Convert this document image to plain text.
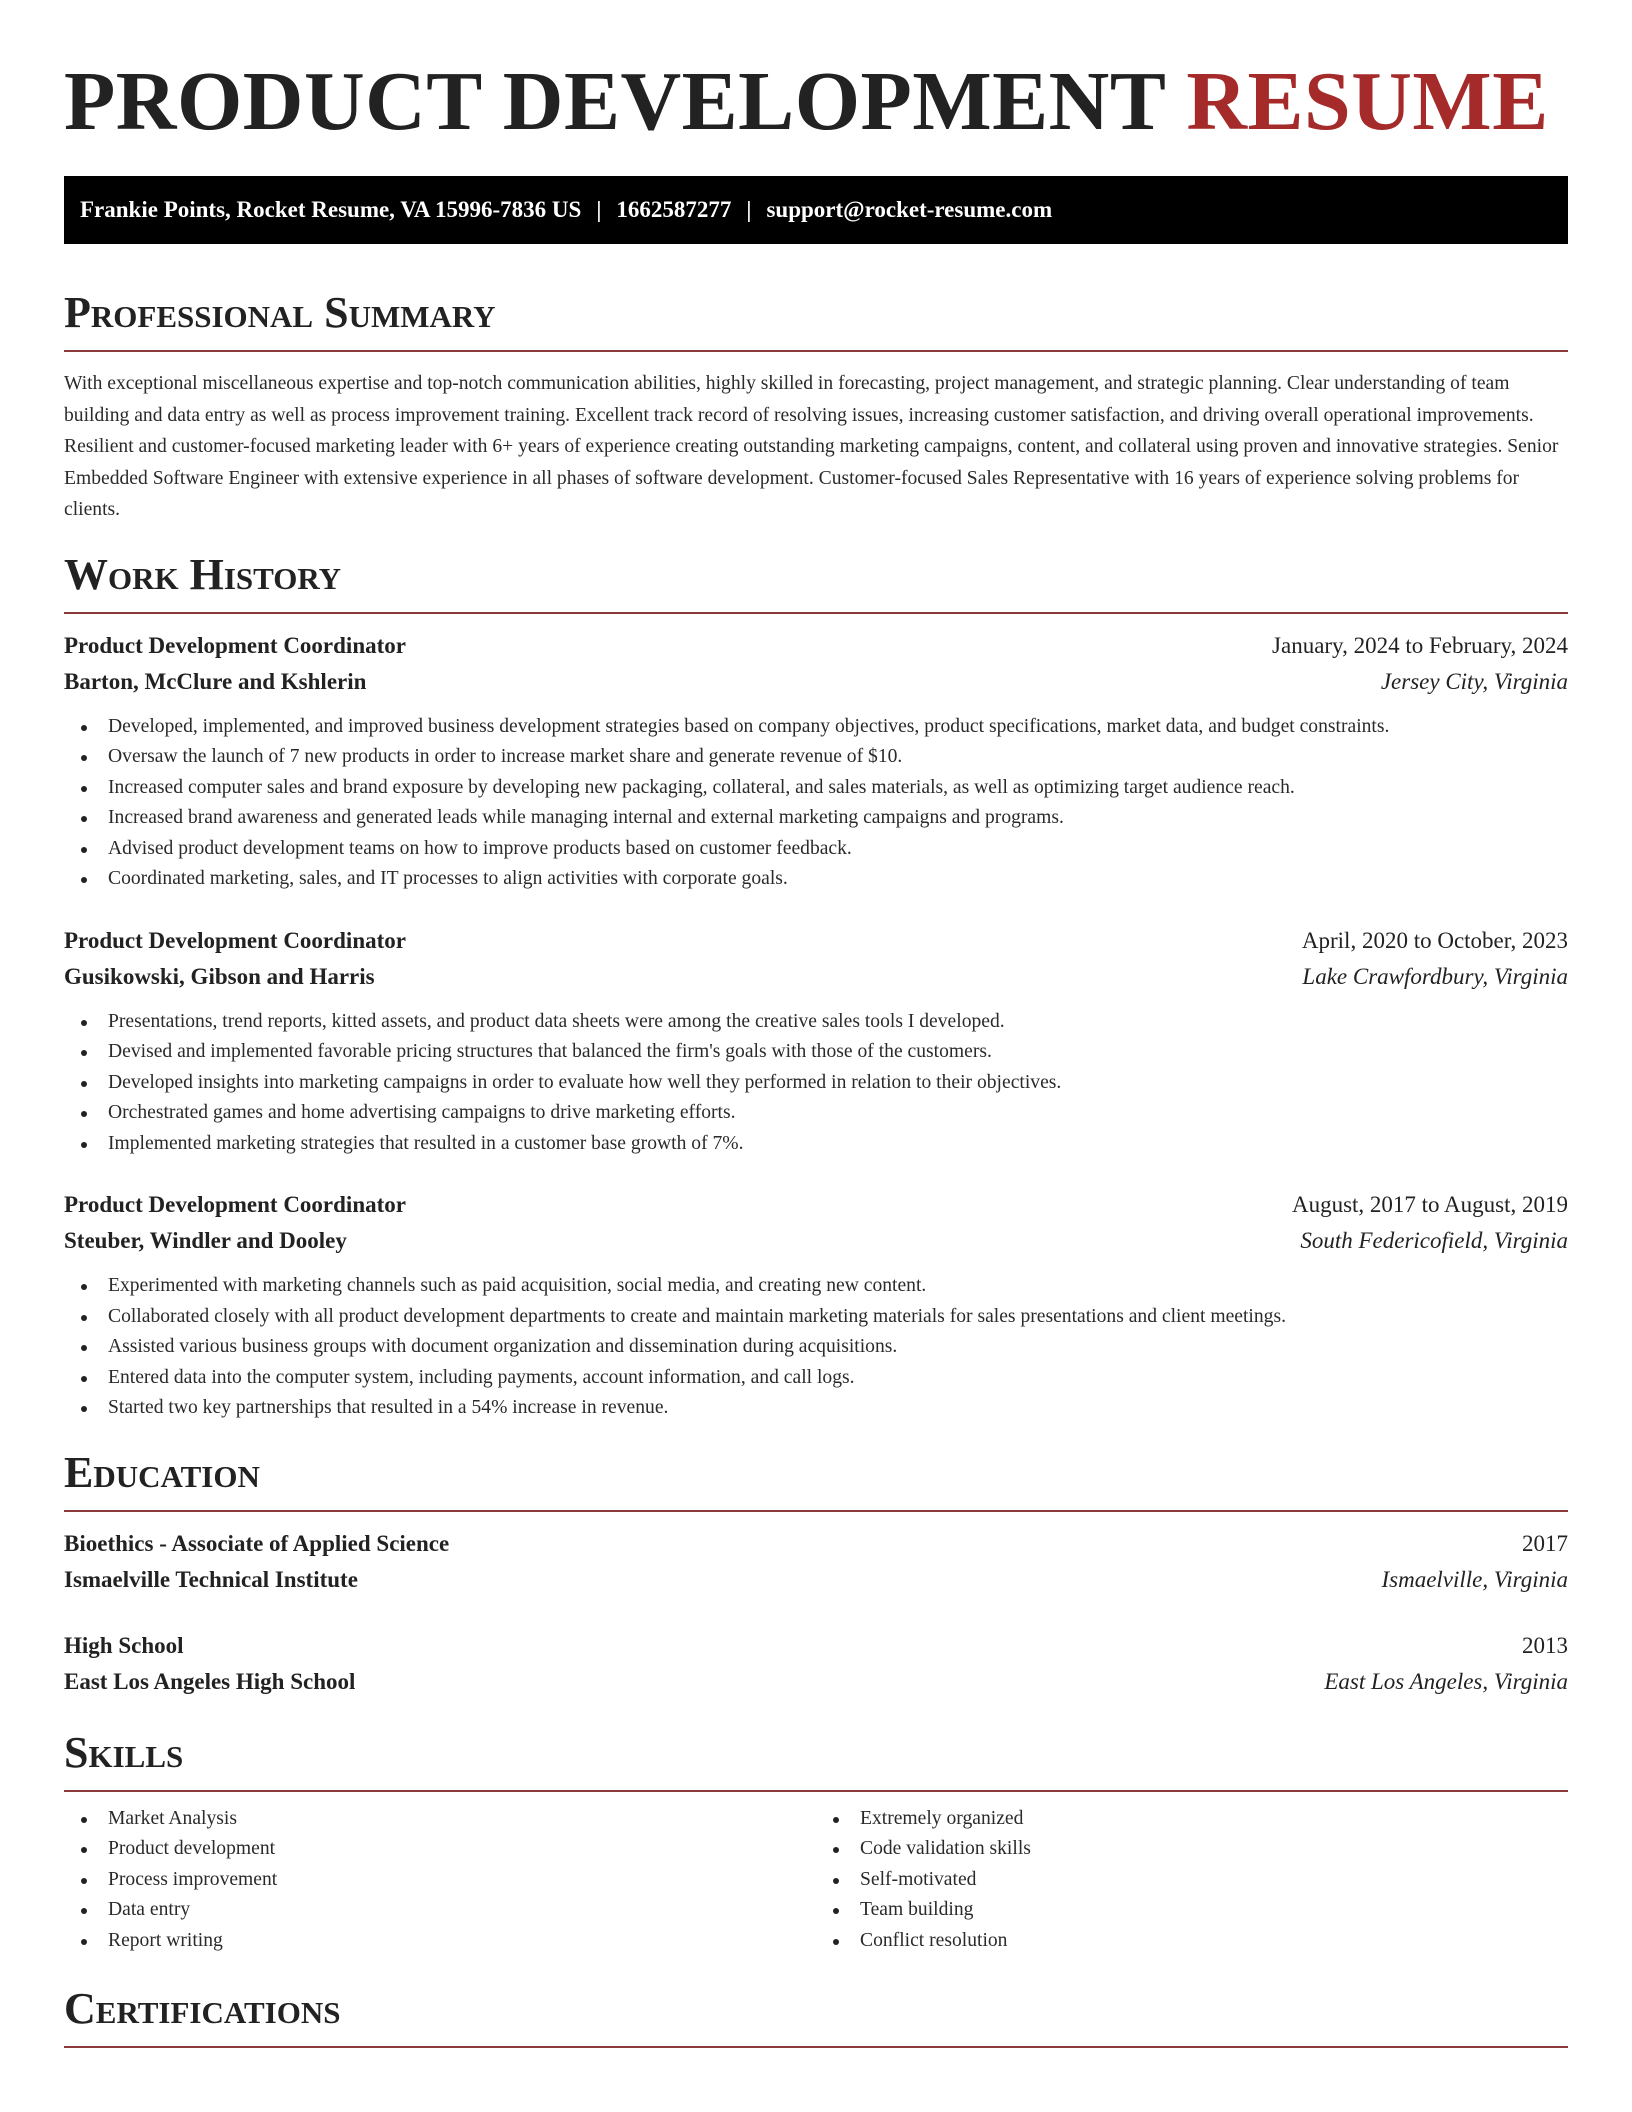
PRODUCT DEVELOPMENT RESUME
Frankie Points, Rocket Resume, VA 15996-7836 US | 1662587277 | support@rocket-resume.com
Professional Summary

With exceptional miscellaneous expertise and top-notch communication abilities, highly skilled in forecasting, project management, and strategic planning. Clear understanding of team building and data entry as well as process improvement training. Excellent track record of resolving issues, increasing customer satisfaction, and driving overall operational improvements. Resilient and customer-focused marketing leader with 6+ years of experience creating outstanding marketing campaigns, content, and collateral using proven and innovative strategies. Senior Embedded Software Engineer with extensive experience in all phases of software development. Customer-focused Sales Representative with 16 years of experience solving problems for clients.

Work History
Product Development Coordinator	January, 2024 to February, 2024
Barton, McClure and Kshlerin	Jersey City, Virginia
Developed, implemented, and improved business development strategies based on company objectives, product specifications, market data, and budget constraints.
Oversaw the launch of 7 new products in order to increase market share and generate revenue of $10.
Increased computer sales and brand exposure by developing new packaging, collateral, and sales materials, as well as optimizing target audience reach.
Increased brand awareness and generated leads while managing internal and external marketing campaigns and programs.
Advised product development teams on how to improve products based on customer feedback.
Coordinated marketing, sales, and IT processes to align activities with corporate goals.
Product Development Coordinator	April, 2020 to October, 2023
Gusikowski, Gibson and Harris	Lake Crawfordbury, Virginia
Presentations, trend reports, kitted assets, and product data sheets were among the creative sales tools I developed.
Devised and implemented favorable pricing structures that balanced the firm's goals with those of the customers.
Developed insights into marketing campaigns in order to evaluate how well they performed in relation to their objectives.
Orchestrated games and home advertising campaigns to drive marketing efforts.
Implemented marketing strategies that resulted in a customer base growth of 7%.
Product Development Coordinator	August, 2017 to August, 2019
Steuber, Windler and Dooley	South Federicofield, Virginia
Experimented with marketing channels such as paid acquisition, social media, and creating new content.
Collaborated closely with all product development departments to create and maintain marketing materials for sales presentations and client meetings.
Assisted various business groups with document organization and dissemination during acquisitions.
Entered data into the computer system, including payments, account information, and call logs.
Started two key partnerships that resulted in a 54% increase in revenue.
Education
Bioethics - Associate of Applied Science	2017
Ismaelville Technical Institute	Ismaelville, Virginia
High School	2013
East Los Angeles High School	East Los Angeles, Virginia
Skills
Market Analysis
Product development
Process improvement
Data entry
Report writing
Extremely organized
Code validation skills
Self-motivated
Team building
Conflict resolution
Certifications
